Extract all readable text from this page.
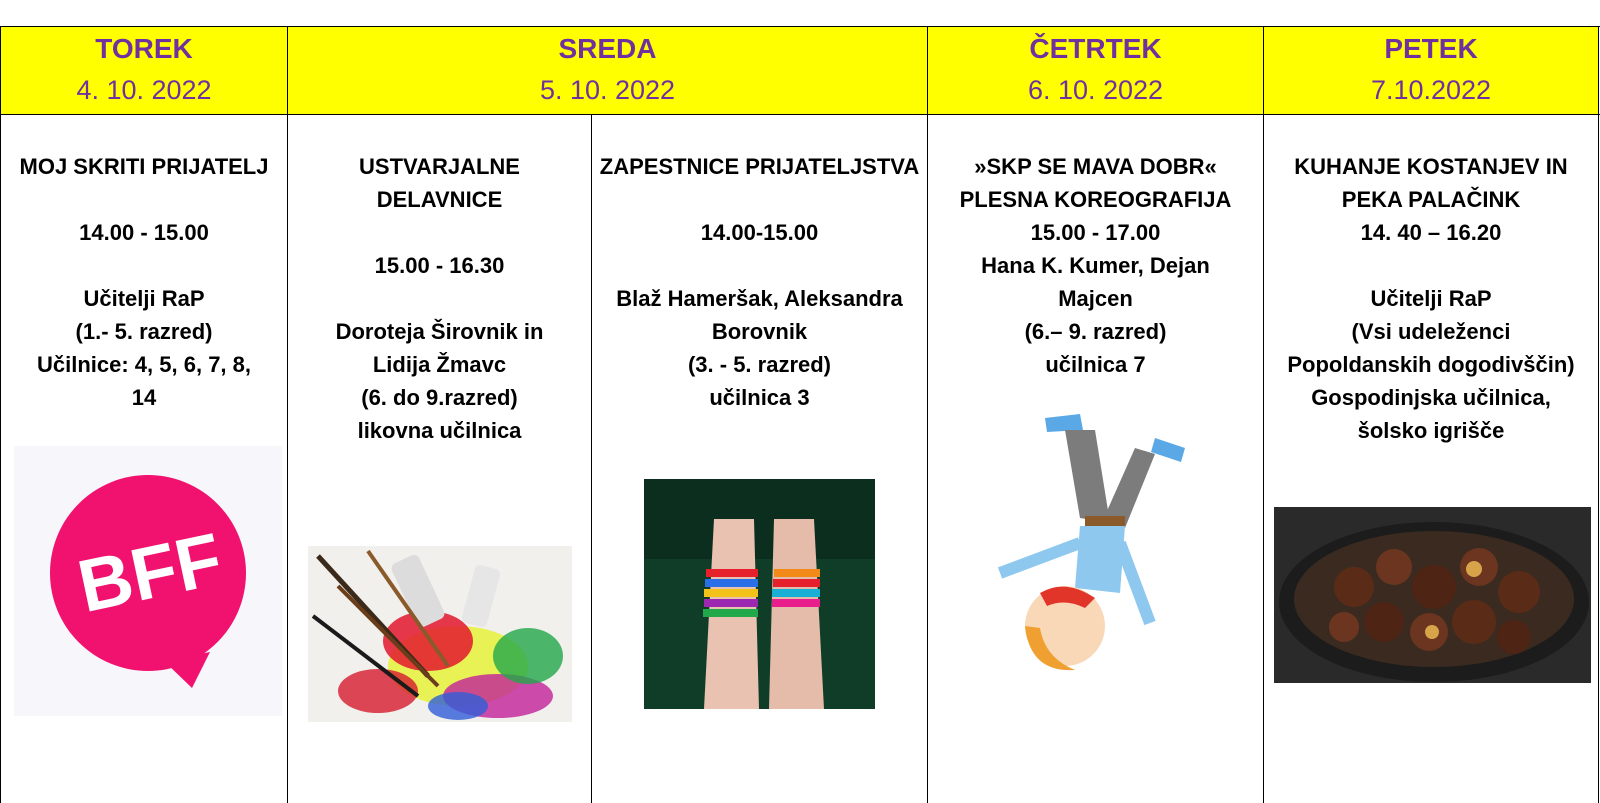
TOREK
4. 10. 2022
SREDA
5. 10. 2022
ČETRTEK
6. 10. 2022
PETEK
7.10.2022
MOJ SKRITI PRIJATELJ
14.00 - 15.00
Učitelji RaP
(1.- 5. razred)
Učilnice: 4, 5, 6, 7, 8,
14
USTVARJALNE
DELAVNICE
15.00 - 16.30
Doroteja Širovnik in
Lidija Žmavc
(6. do 9.razred)
likovna učilnica
ZAPESTNICE PRIJATELJSTVA
14.00-15.00
Blaž Hameršak, Aleksandra
Borovnik
(3. - 5. razred)
učilnica 3
»SKP SE MAVA DOBR«
PLESNA KOREOGRAFIJA
15.00 - 17.00
Hana K. Kumer, Dejan
Majcen
(6.– 9. razred)
učilnica 7
KUHANJE KOSTANJEV IN
PEKA PALAČINK
14. 40 – 16.20
Učitelji RaP
(Vsi udeleženci
Popoldanskih dogodivščin)
Gospodinjska učilnica,
šolsko igrišče
BFF
